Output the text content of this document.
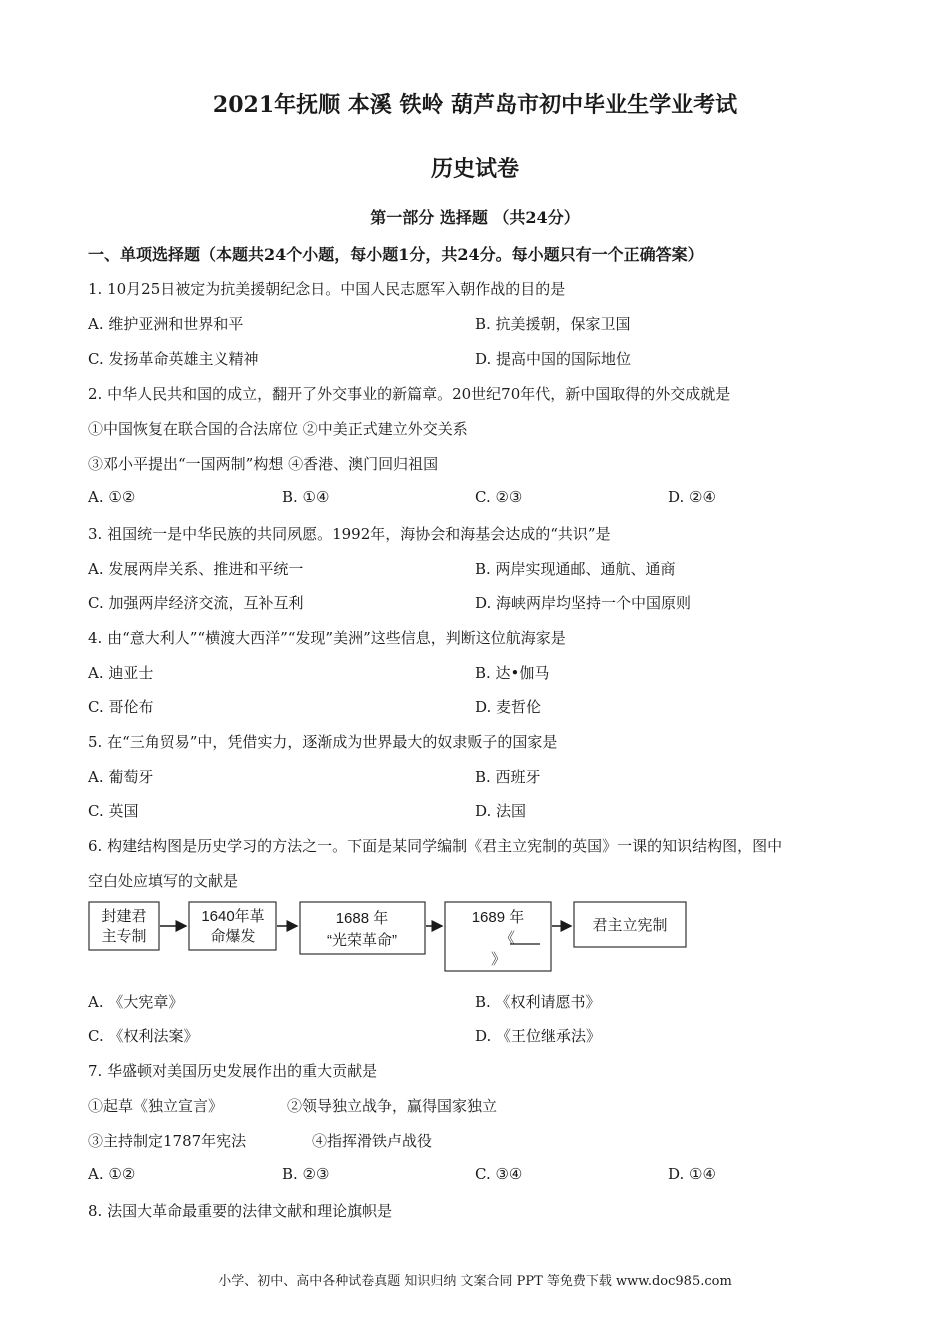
2021年抚顺 本溪 铁岭 葫芦岛市初中毕业生学业考试
历史试卷
第一部分 选择题 （共24分）
一、单项选择题（本题共24个小题，每小题1分，共24分。每小题只有一个正确答案）
1. 10月25日被定为抗美援朝纪念日。中国人民志愿军入朝作战的目的是
A. 维护亚洲和世界和平	B. 抗美援朝，保家卫国
C. 发扬革命英雄主义精神	D. 提高中国的国际地位
2. 中华人民共和国的成立，翻开了外交事业的新篇章。20世纪70年代，新中国取得的外交成就是
①中国恢复在联合国的合法席位 ②中美正式建立外交关系
③邓小平提出“一国两制”构想 ④香港、澳门回归祖国
A. ①②	B. ①④	C. ②③	D. ②④
3. 祖国统一是中华民族的共同夙愿。1992年，海协会和海基会达成的“共识”是
A. 发展两岸关系、推进和平统一	B. 两岸实现通邮、通航、通商
C. 加强两岸经济交流，互补互利	D. 海峡两岸均坚持一个中国原则
4. 由“意大利人”“横渡大西洋”“发现”美洲”这些信息，判断这位航海家是
A. 迪亚士	B. 达•伽马
C. 哥伦布	D. 麦哲伦
5. 在“三角贸易”中，凭借实力，逐渐成为世界最大的奴隶贩子的国家是
A. 葡萄牙	B. 西班牙
C. 英国	D. 法国
6. 构建结构图是历史学习的方法之一。下面是某同学编制《君主立宪制的英国》一课的知识结构图，图中
空白处应填写的文献是
封建君
主专制
1640年革
命爆发
1688 年
“光荣革命”
1689 年
《
》
君主立宪制
A. 《大宪章》	B. 《权利请愿书》
C. 《权利法案》	D. 《王位继承法》
7. 华盛顿对美国历史发展作出的重大贡献是
①起草《独立宣言》	②领导独立战争，赢得国家独立
③主持制定1787年宪法	④指挥滑铁卢战役
A. ①②	B. ②③	C. ③④	D. ①④
8. 法国大革命最重要的法律文献和理论旗帜是
小学、初中、高中各种试卷真题 知识归纳 文案合同 PPT 等免费下载 www.doc985.com
